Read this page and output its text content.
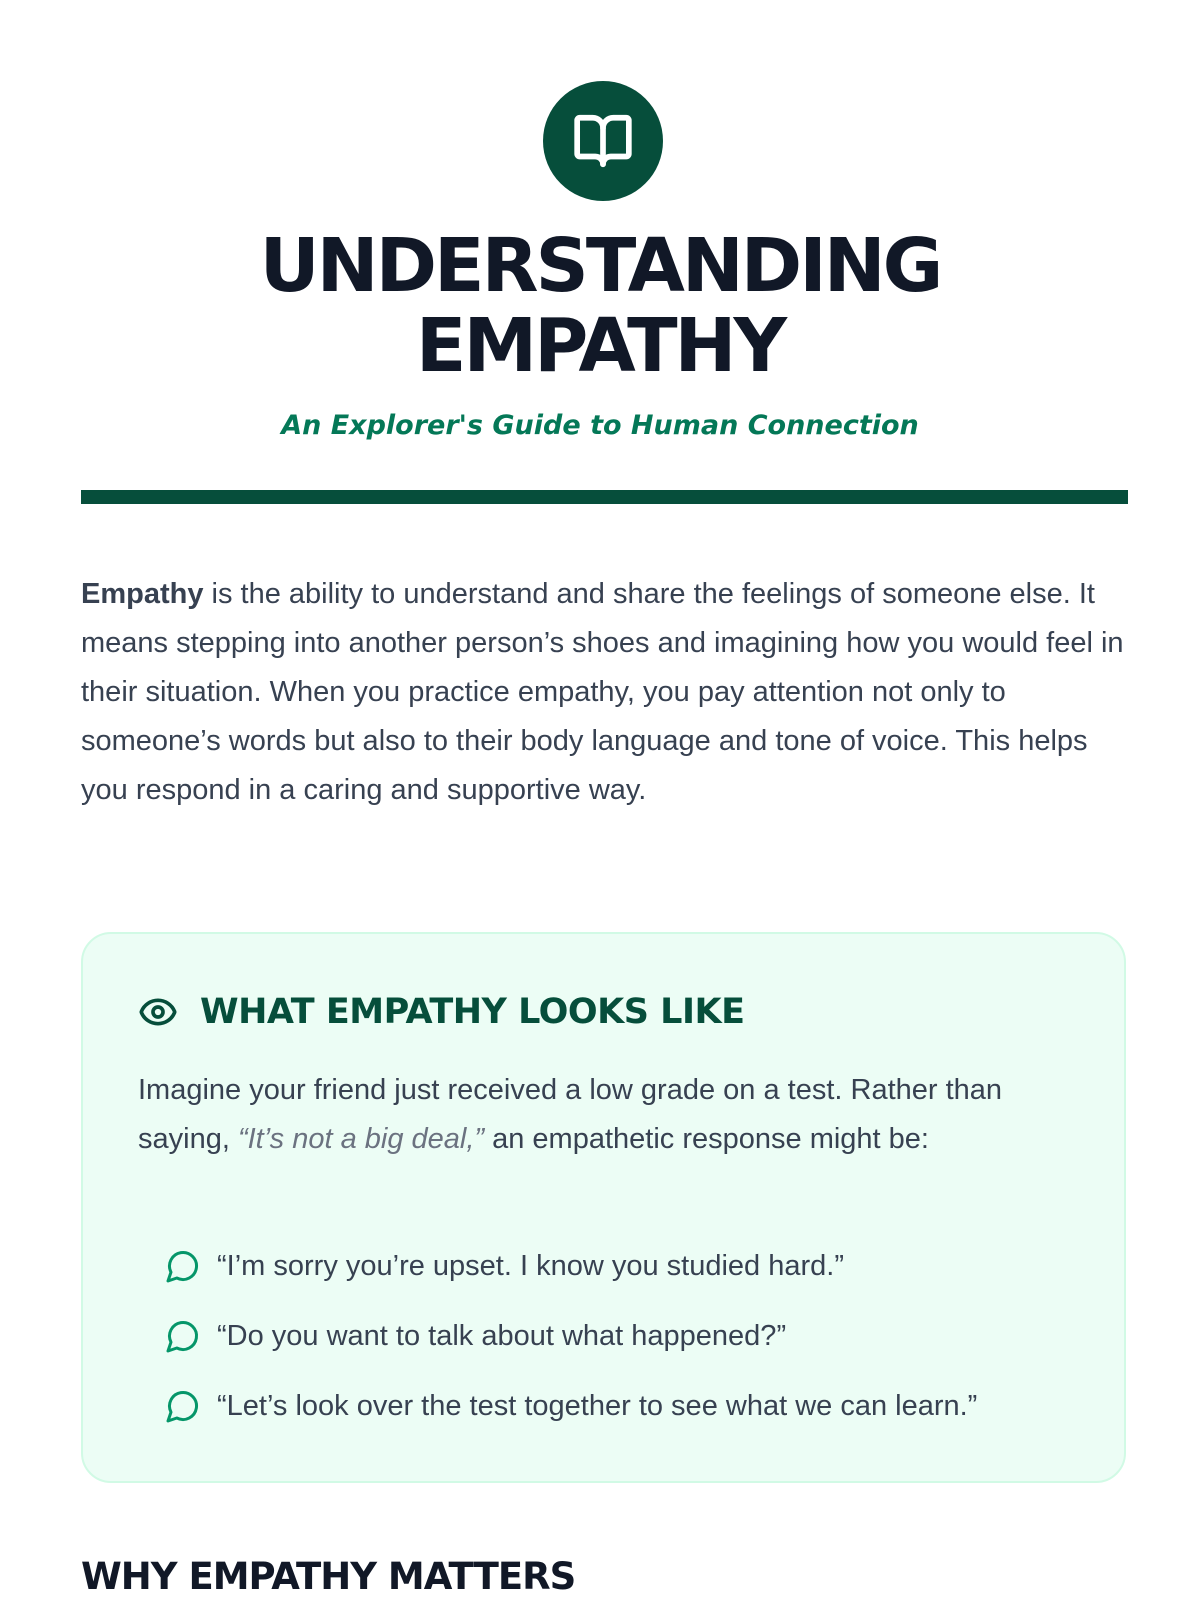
UNDERSTANDING
EMPATHY

An Explorer's Guide to Human Connection

Empathy is the ability to understand and share the feelings of someone else. It means stepping into another person’s shoes and imagining how you would feel in their situation. When you practice empathy, you pay attention not only to someone’s words but also to their body language and tone of voice. This helps you respond in a caring and supportive way.

WHAT EMPATHY LOOKS LIKE

Imagine your friend just received a low grade on a test. Rather than saying, “It’s not a big deal,” an empathetic response might be:

“I’m sorry you’re upset. I know you studied hard.”
“Do you want to talk about what happened?”
“Let’s look over the test together to see what we can learn.”
WHY EMPATHY MATTERS
